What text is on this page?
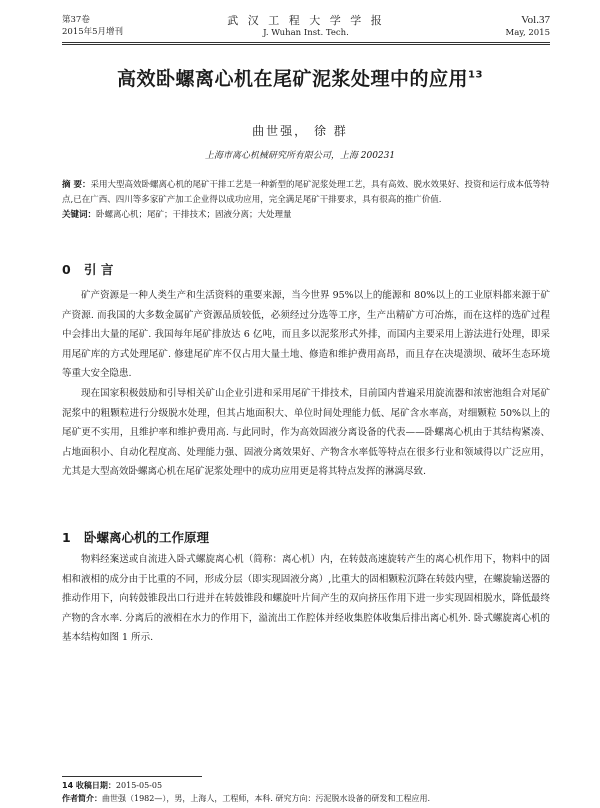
第37卷
2015年5月增刊
武 汉 工 程 大 学 学 报
J. Wuhan Inst. Tech.
Vol.37
May, 2015
高效卧螺离心机在尾矿泥浆处理中的应用$^{13}$
曲世强， 徐 群
上海市离心机械研究所有限公司，上海 200231
摘 要：采用大型高效卧螺离心机的尾矿干排工艺是一种新型的尾矿泥浆处理工艺，具有高效、脱水效果好、投资和运行成本低等特点,已在广西、四川等多家矿产加工企业得以成功应用，完全满足尾矿干排要求，具有很高的推广价值.
关键词：卧螺离心机；尾矿；干排技术；固液分离；大处理量
0 引 言

矿产资源是一种人类生产和生活资料的重要来源，当今世界 95%以上的能源和 80%以上的工业原料都来源于矿产资源. 而我国的大多数金属矿产资源品质较低，必须经过分选等工序，生产出精矿方可冶炼，而在这样的选矿过程中会排出大量的尾矿. 我国每年尾矿排放达 6 亿吨，而且多以泥浆形式外排，而国内主要采用上游法进行处理，即采用尾矿库的方式处理尾矿. 修建尾矿库不仅占用大量土地、修造和维护费用高昂，而且存在决堤溃坝、破坏生态环境等重大安全隐患.

现在国家积极鼓励和引导相关矿山企业引进和采用尾矿干排技术，目前国内普遍采用旋流器和浓密池组合对尾矿泥浆中的粗颗粒进行分级脱水处理，但其占地面积大、单位时间处理能力低、尾矿含水率高，对细颗粒 50%以上的尾矿更不实用，且维护率和维护费用高. 与此同时，作为高效固液分离设备的代表——卧螺离心机由于其结构紧凑、占地面积小、自动化程度高、处理能力强、固液分离效果好、产物含水率低等特点在很多行业和领域得以广泛应用，尤其是大型高效卧螺离心机在尾矿泥浆处理中的成功应用更是将其特点发挥的淋漓尽致.

1 卧螺离心机的工作原理

物料经案送或自流进入卧式螺旋离心机（简称：离心机）内，在转鼓高速旋转产生的离心机作用下，物料中的固相和液相的成分由于比重的不同，形成分层（即实现固液分离）,比重大的固相颗粒沉降在转鼓内壁，在螺旋输送器的推动作用下，向转鼓锥段出口行进并在转鼓锥段和螺旋叶片间产生的双向挤压作用下进一步实现固相脱水，降低最终产物的含水率. 分离后的液相在水力的作用下，溢流出工作腔体并经收集腔体收集后排出离心机外. 卧式螺旋离心机的基本结构如图 1 所示.

14 收稿日期：2015-05-05
作者简介：曲世强（1982—），男，上海人，工程师，本科. 研究方向：污泥脱水设备的研发和工程应用.
